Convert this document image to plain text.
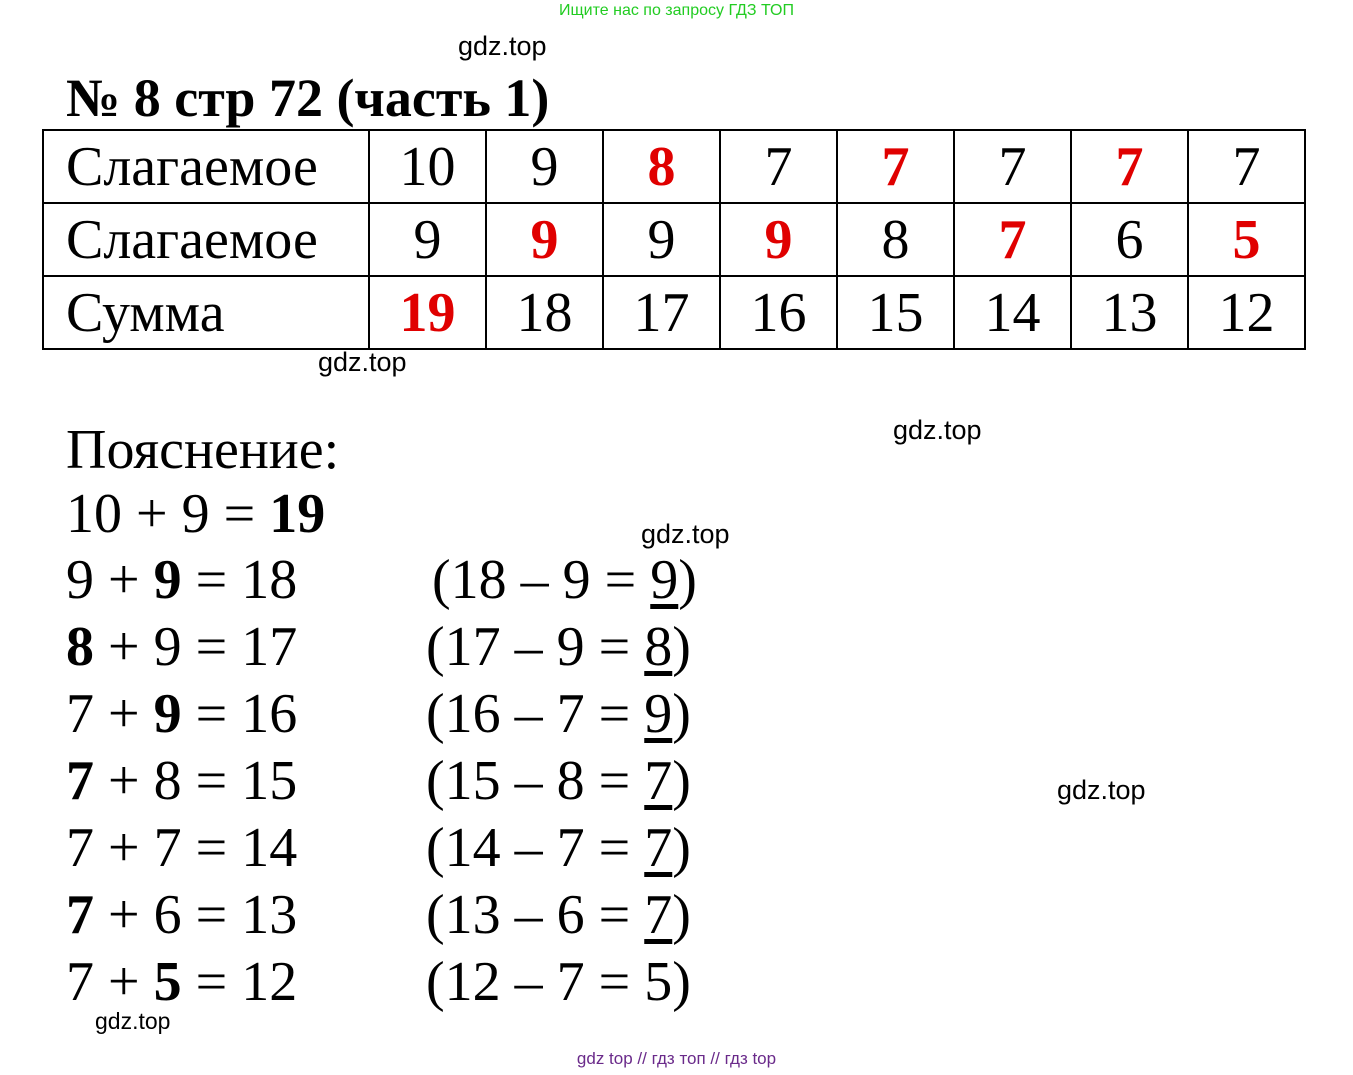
Ищите нас по запросу ГДЗ ТОП
gdz.top
gdz.top
gdz.top
gdz.top
gdz.top
gdz.top
№ 8 стр 72 (часть 1)
Слагаемое	10	9	8	7	7	7	7	7
Слагаемое	9	9	9	9	8	7	6	5
Сумма	19	18	17	16	15	14	13	12
Пояснение:
10 + 9 = 19
9 + 9 = 18 (18 – 9 = 9)
8 + 9 = 17 (17 – 9 = 8)
7 + 9 = 16 (16 – 7 = 9)
7 + 8 = 15 (15 – 8 = 7)
7 + 7 = 14 (14 – 7 = 7)
7 + 6 = 13 (13 – 6 = 7)
7 + 5 = 12 (12 – 7 = 5)
gdz top // гдз топ // гдз top
